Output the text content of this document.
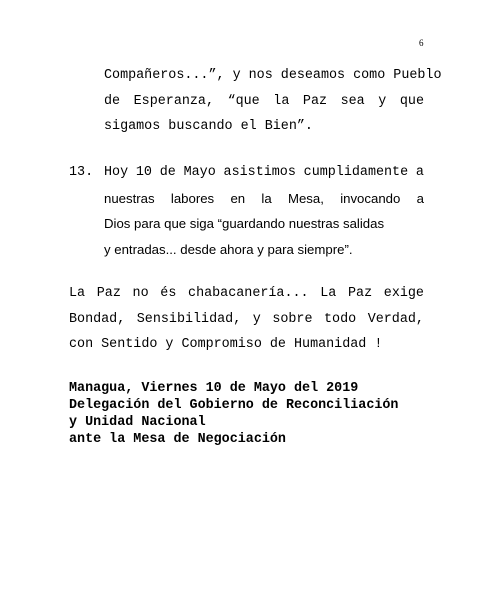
6
Compañeros...”, y nos deseamos como Pueblo
de Esperanza, “que la Paz sea y que
sigamos buscando el Bien”.
13. Hoy 10 de Mayo asistimos cumplidamente a
nuestras labores en la Mesa, invocando a
Dios para que siga “guardando nuestras salidas
y entradas... desde ahora y para siempre”.
La Paz no és chabacanería... La Paz exige
Bondad, Sensibilidad, y sobre todo Verdad,
con Sentido y Compromiso de Humanidad !
Managua, Viernes 10 de Mayo del 2019
Delegación del Gobierno de Reconciliación
y Unidad Nacional
ante la Mesa de Negociación
